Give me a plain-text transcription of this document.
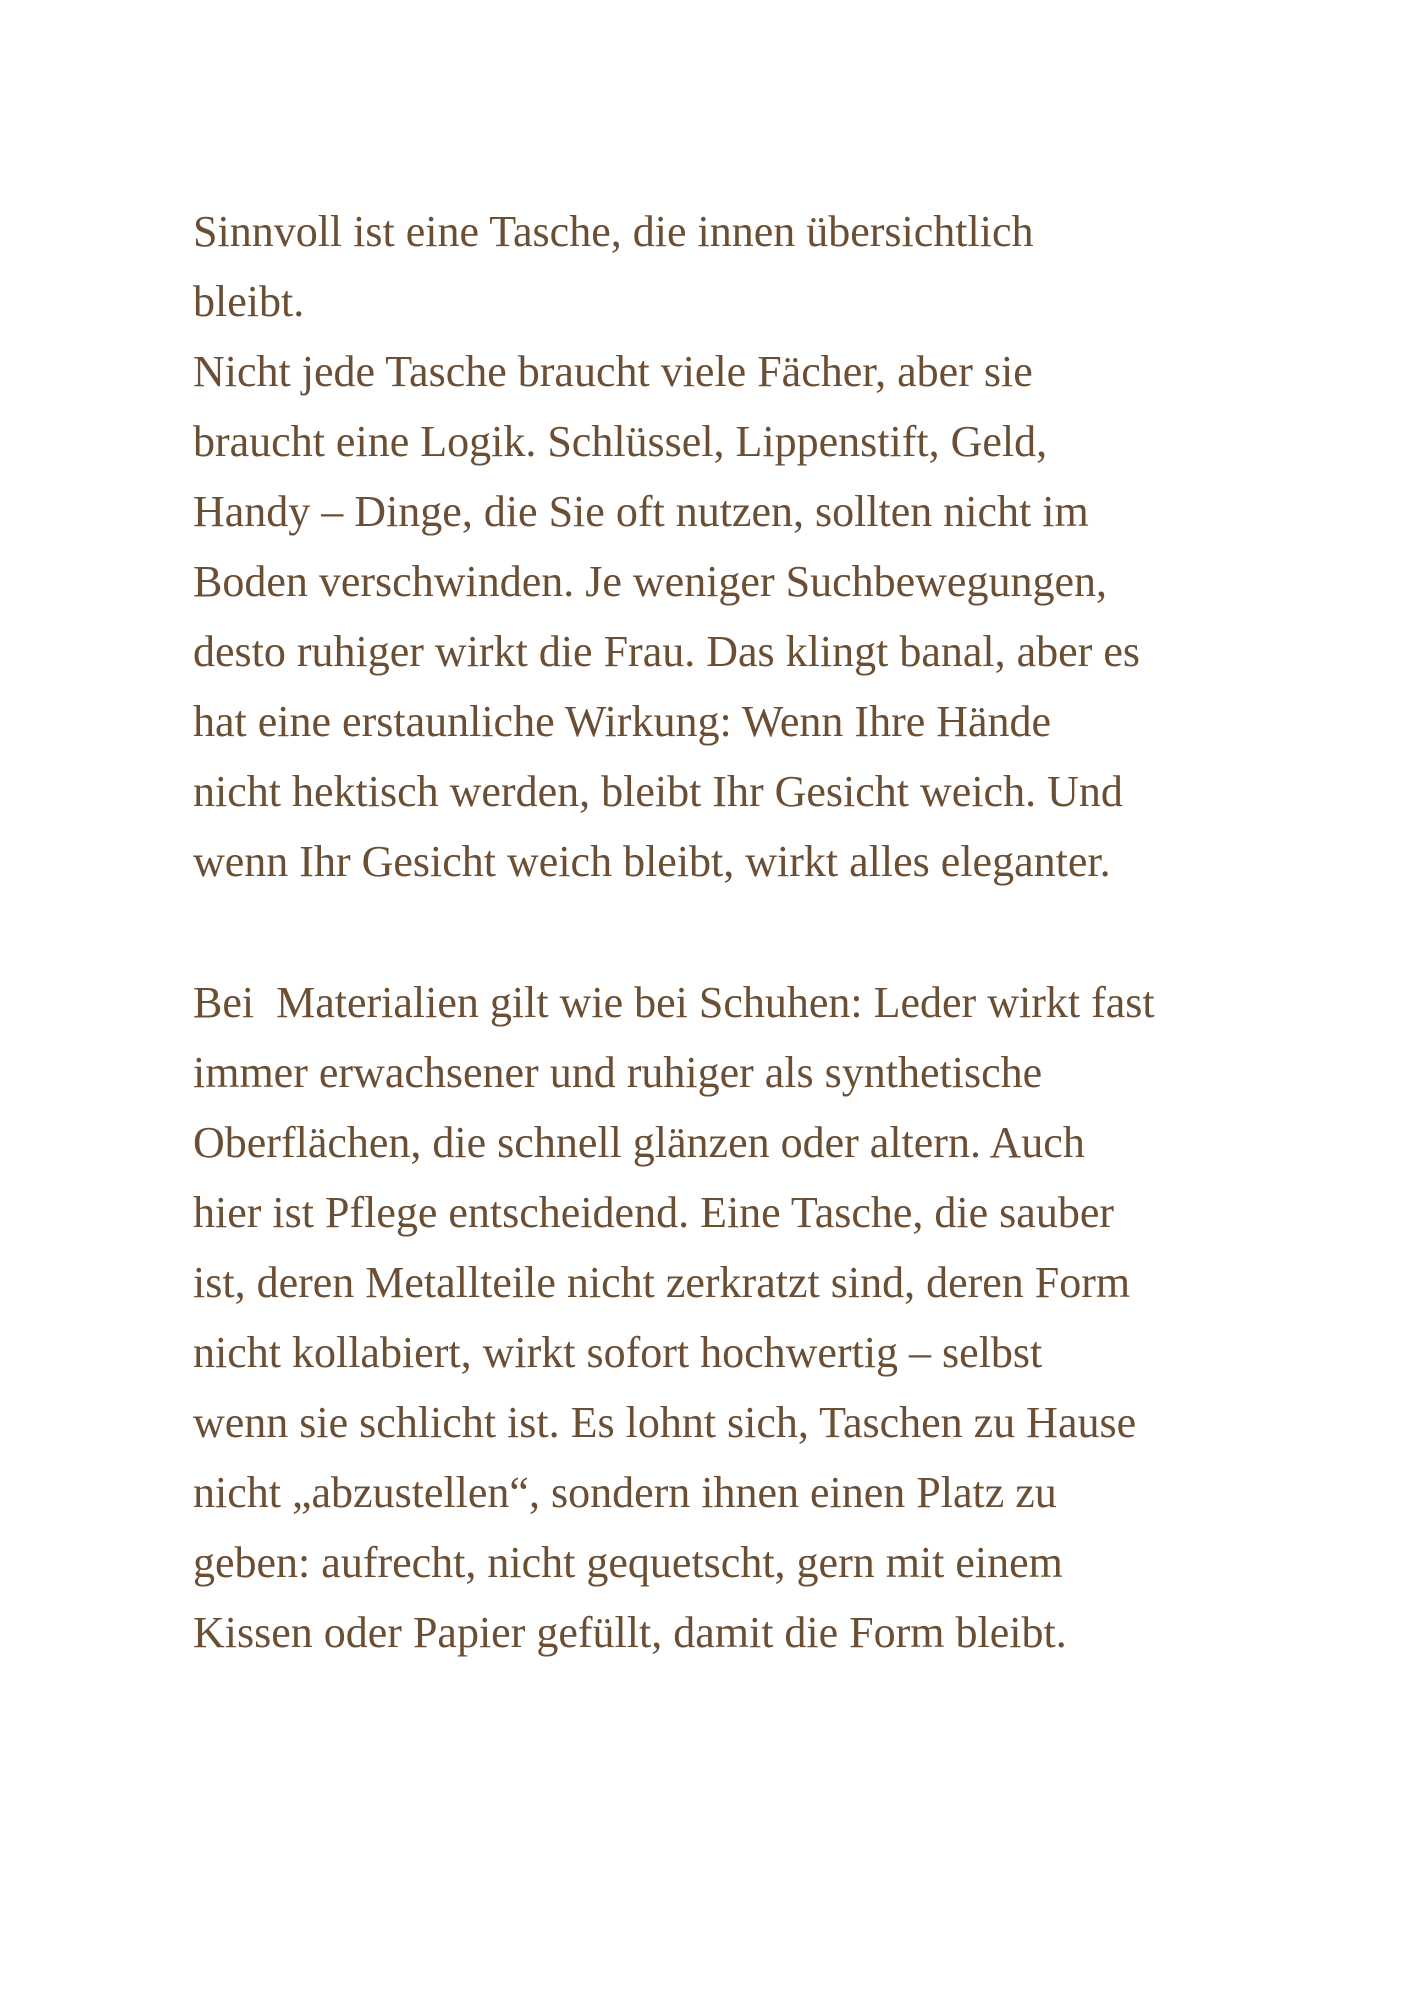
Sinnvoll ist eine Tasche, die innen übersichtlich
bleibt.
Nicht jede Tasche braucht viele Fächer, aber sie
braucht eine Logik. Schlüssel, Lippenstift, Geld,
Handy – Dinge, die Sie oft nutzen, sollten nicht im
Boden verschwinden. Je weniger Suchbewegungen,
desto ruhiger wirkt die Frau. Das klingt banal, aber es
hat eine erstaunliche Wirkung: Wenn Ihre Hände
nicht hektisch werden, bleibt Ihr Gesicht weich. Und
wenn Ihr Gesicht weich bleibt, wirkt alles eleganter.
Bei  Materialien gilt wie bei Schuhen: Leder wirkt fast
immer erwachsener und ruhiger als synthetische
Oberflächen, die schnell glänzen oder altern. Auch
hier ist Pflege entscheidend. Eine Tasche, die sauber
ist, deren Metallteile nicht zerkratzt sind, deren Form
nicht kollabiert, wirkt sofort hochwertig – selbst
wenn sie schlicht ist. Es lohnt sich, Taschen zu Hause
nicht „abzustellen“, sondern ihnen einen Platz zu
geben: aufrecht, nicht gequetscht, gern mit einem
Kissen oder Papier gefüllt, damit die Form bleibt.
